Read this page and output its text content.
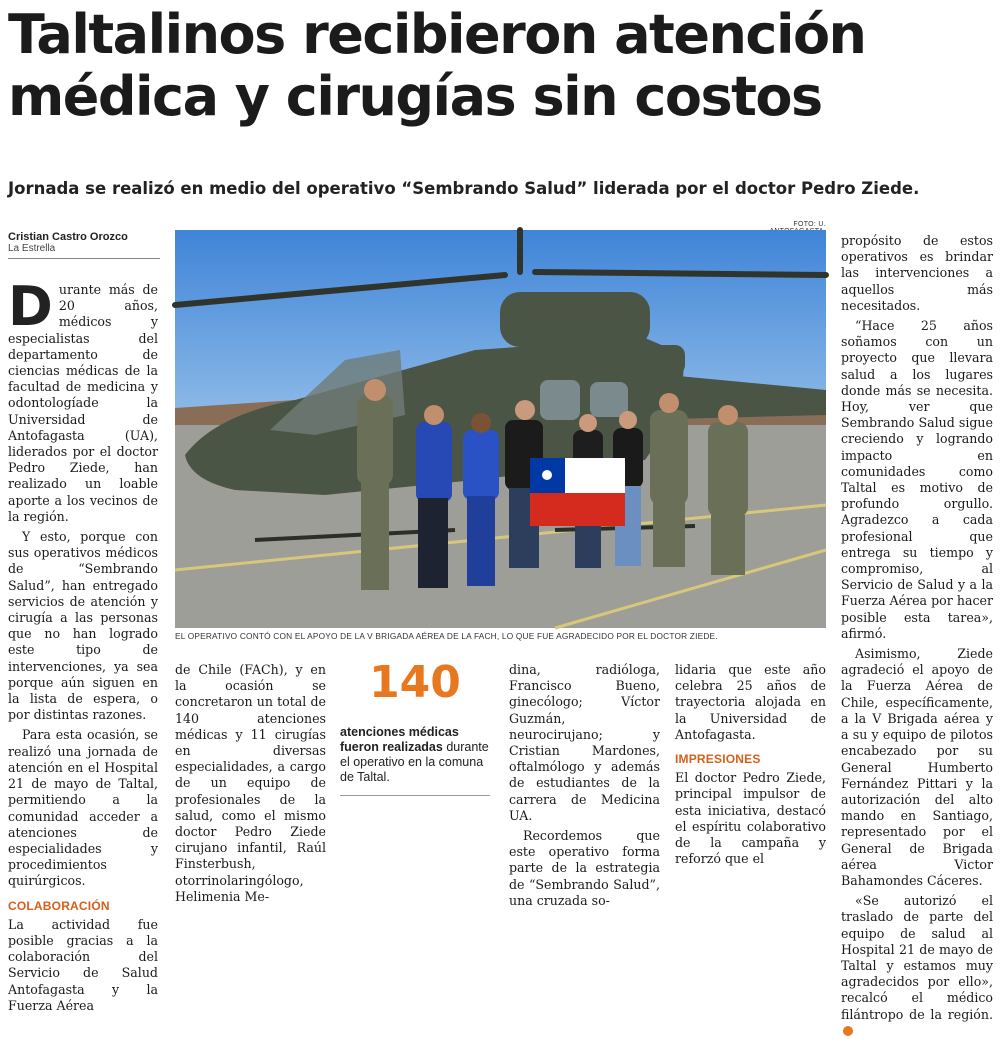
Taltalinos recibieron atención médica y cirugías sin costos
Jornada se realizó en medio del operativo “Sembrando Salud” liderada por el doctor Pedro Ziede.
Cristian Castro Orozco
La Estrella

Durante más de 20 años, médicos y especialistas del departamento de ciencias médicas de la facultad de medicina y odontologíade la Universidad de Antofagasta (UA), liderados por el doctor Pedro Ziede, han realizado un loable aporte a los vecinos de la región.

Y esto, porque con sus operativos médicos de “Sembrando Salud”, han entregado servicios de atención y cirugía a las personas que no han logrado este tipo de intervenciones, ya sea porque aún siguen en la lista de espera, o por distintas razones.

Para esta ocasión, se realizó una jornada de atención en el Hospital 21 de mayo de Taltal, permitiendo a la comunidad acceder a atenciones de especialidades y procedimientos quirúrgicos.

COLABORACIÓN

La actividad fue posible gracias a la colaboración del Servicio de Salud Antofagasta y la Fuerza Aérea

FOTO: U.
EL OPERATIVO CONTÓ CON EL APOYO DE LA V BRIGADA AÉREA DE LA FACH, LO QUE FUE AGRADECIDO POR EL DOCTOR ZIEDE.

de Chile (FACh), y en la ocasión se concretaron un total de 140 atenciones médicas y 11 cirugías en diversas especialidades, a cargo de un equipo de profesionales de la salud, como el mismo doctor Pedro Ziede cirujano infantil, Raúl Finsterbush, otorrinolaringólogo, Helimenia Me-

140
atenciones médicas fueron realizadas durante el operativo en la comuna de Taltal.

dina, radióloga, Francisco Bueno, ginecólogo; Víctor Guzmán, neurocirujano; y Cristian Mardones, oftalmólogo y además de estudiantes de la carrera de Medicina UA.

Recordemos que este operativo forma parte de la estrategia de “Sembrando Salud”, una cruzada so-

lidaria que este año celebra 25 años de trayectoria alojada en la Universidad de Antofagasta.

IMPRESIONES

El doctor Pedro Ziede, principal impulsor de esta iniciativa, destacó el espíritu colaborativo de la campaña y reforzó que el

propósito de estos operativos es brindar las intervenciones a aquellos más necesitados.

“Hace 25 años soñamos con un proyecto que llevara salud a los lugares donde más se necesita. Hoy, ver que Sembrando Salud sigue creciendo y logrando impacto en comunidades como Taltal es motivo de profundo orgullo. Agradezco a cada profesional que entrega su tiempo y compromiso, al Servicio de Salud y a la Fuerza Aérea por hacer posible esta tarea», afirmó.

Asimismo, Ziede agradeció el apoyo de la Fuerza Aérea de Chile, específicamente, a la V Brigada aérea y a su y equipo de pilotos encabezado por su General Humberto Fernández Pittari y la autorización del alto mando en Santiago, representado por el General de Brigada aérea Victor Bahamondes Cáceres.

«Se autorizó el traslado de parte del equipo de salud al Hospital 21 de mayo de Taltal y estamos muy agradecidos por ello», recalcó el médico filántropo de la región.
